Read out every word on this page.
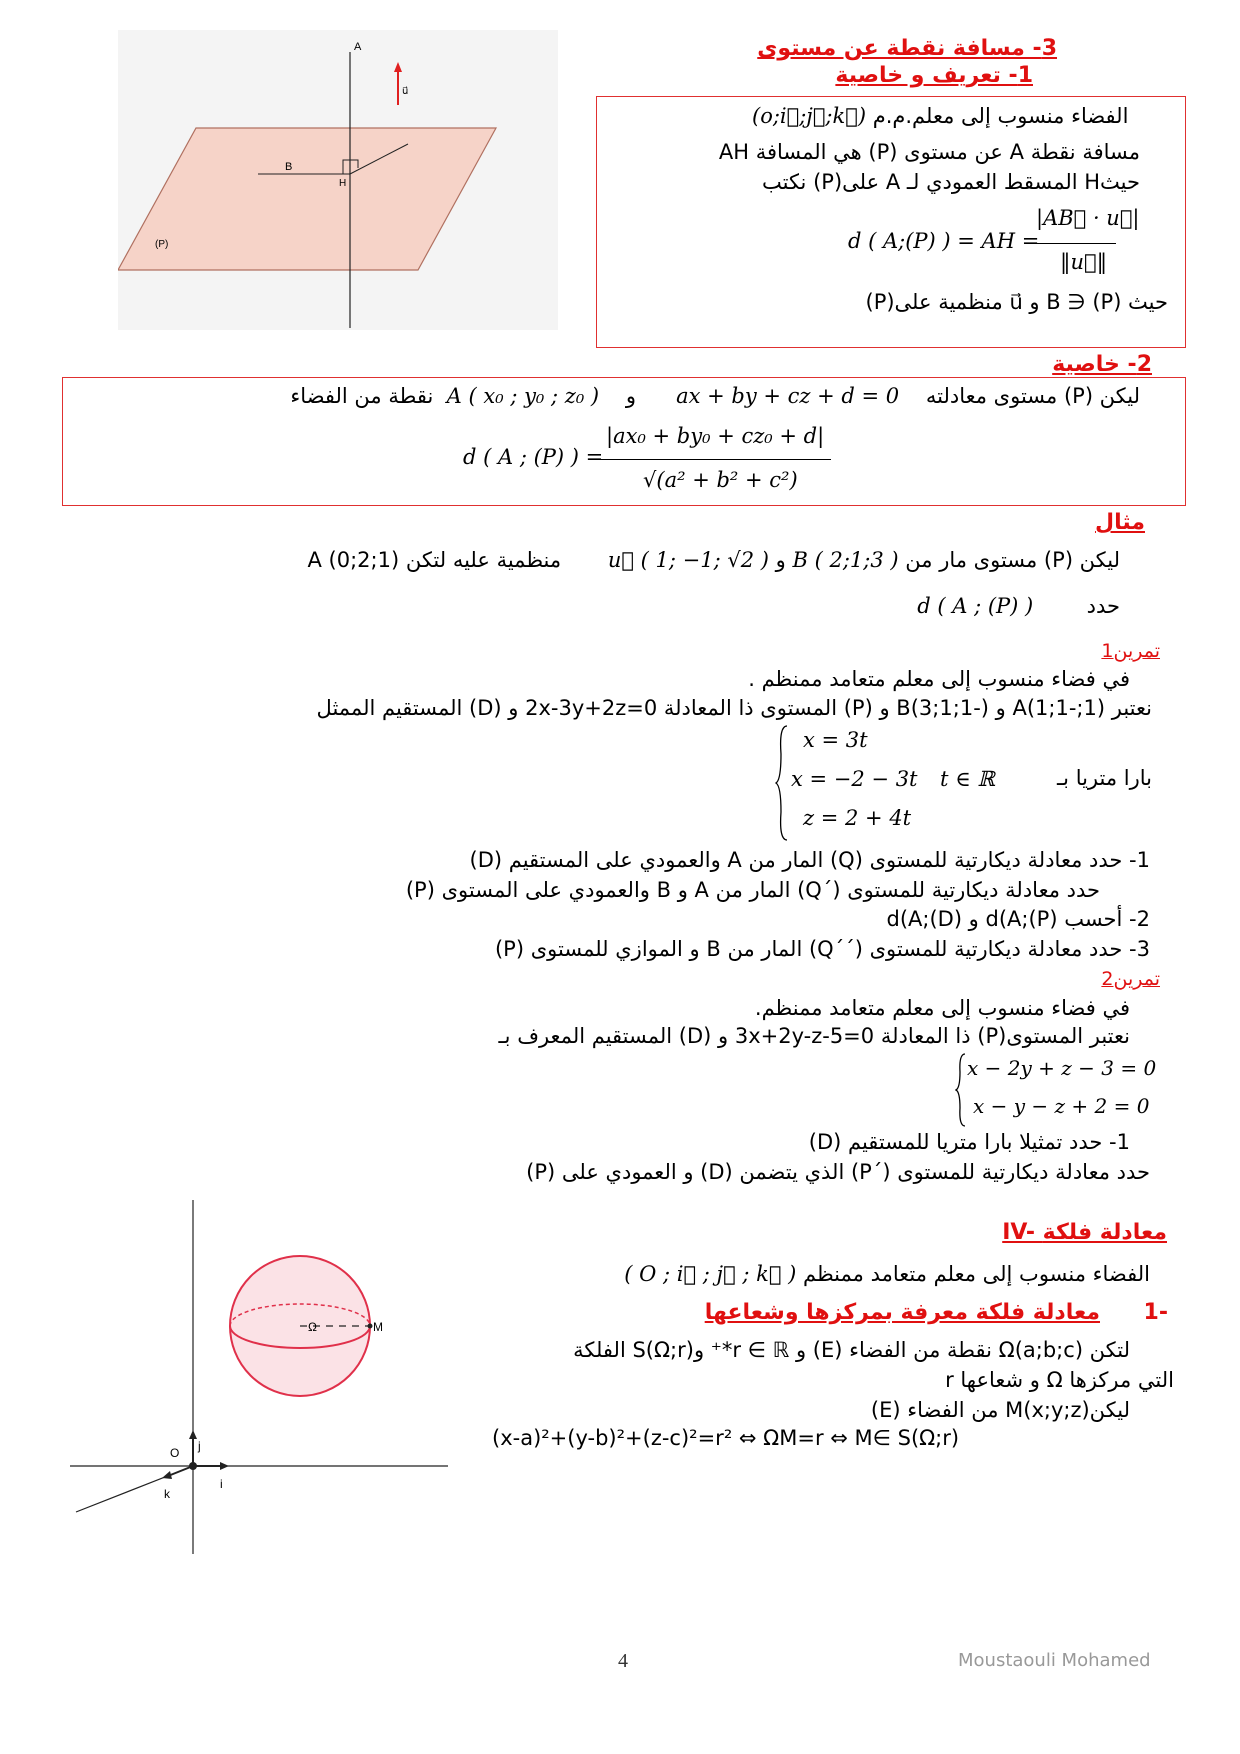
A
B
H
(P)
u⃗
3- مسافة نقطة عن مستوى
1- تعريف و خاصية
(o;i⃗;j⃗;k⃗) الفضاء منسوب إلى معلم.م.م
مسافة نقطة A عن مستوى (P) هي المسافة AH
حيثH المسقط العمودي لـ A على(P) نكتب
d ( A;(P) ) = AH =
|AB⃗ · u⃗|
‖u⃗‖
حيث (P) ∈ B و u⃗ منظمية على(P)
2- خاصية
ليكن (P) مستوى معادلته    ax + by + cz + d = 0      و    A ( x₀ ; y₀ ; z₀ )  نقطة من الفضاء
d ( A ; (P) ) =
|ax₀ + by₀ + cz₀ + d|
√(a² + b² + c²)
مثال
ليكن (P) مستوى مار من B ( 2;1;3 ) و u⃗ ( 1; −1; √2 )       منظمية عليه لتكن (1;2;0) A
حدد        d ( A ; (P) )
تمرين1
في فضاء منسوب إلى معلم متعامد ممنظم .
نعتبر (1;-1;1)A و (-1;1;3)B و (P) المستوى ذا المعادلة 2x-3y+2z=0 و (D) المستقيم الممثل
x = 3t
x = −2 − 3t t ∈ ℝ
z = 2 + 4t
بارا متريا بـ
1- حدد معادلة ديكارتية للمستوى (Q) المار من A والعمودي على المستقيم (D)
حدد معادلة ديكارتية للمستوى (´Q) المار من A و B والعمودي على المستوى (P)
2- أحسب (d(A;(P و (d(A;(D
3- حدد معادلة ديكارتية للمستوى (´´Q) المار من B و الموازي للمستوى (P)
تمرين2
في فضاء منسوب إلى معلم متعامد ممنظم.
نعتبر المستوى(P) ذا المعادلة 3x+2y-z-5=0 و (D) المستقيم المعرف بـ
x − 2y + z − 3 = 0
x − y − z + 2 = 0
1- حدد تمثيلا بارا متريا للمستقيم (D)
حدد معادلة ديكارتية للمستوى (´P) الذي يتضمن (D) و العمودي على (P)
Ω	M
O j
i
k
IV- معادلة فلكة
الفضاء منسوب إلى معلم متعامد ممنظم ( O ; i⃗ ; j⃗ ; k⃗ )
1-
معادلة فلكة معرفة بمركزها وشعاعها
لتكن (Ω(a;b;c نقطة من الفضاء (E) و r ∈ ℝ*⁺ وS(Ω;r) الفلكة
التي مركزها Ω و شعاعها r
ليكن(M(x;y;z من الفضاء (E)
(x-a)²+(y-b)²+(z-c)²=r² ⇔ ΩM=r ⇔ M∈ S(Ω;r)
4	Moustaouli Mohamed
